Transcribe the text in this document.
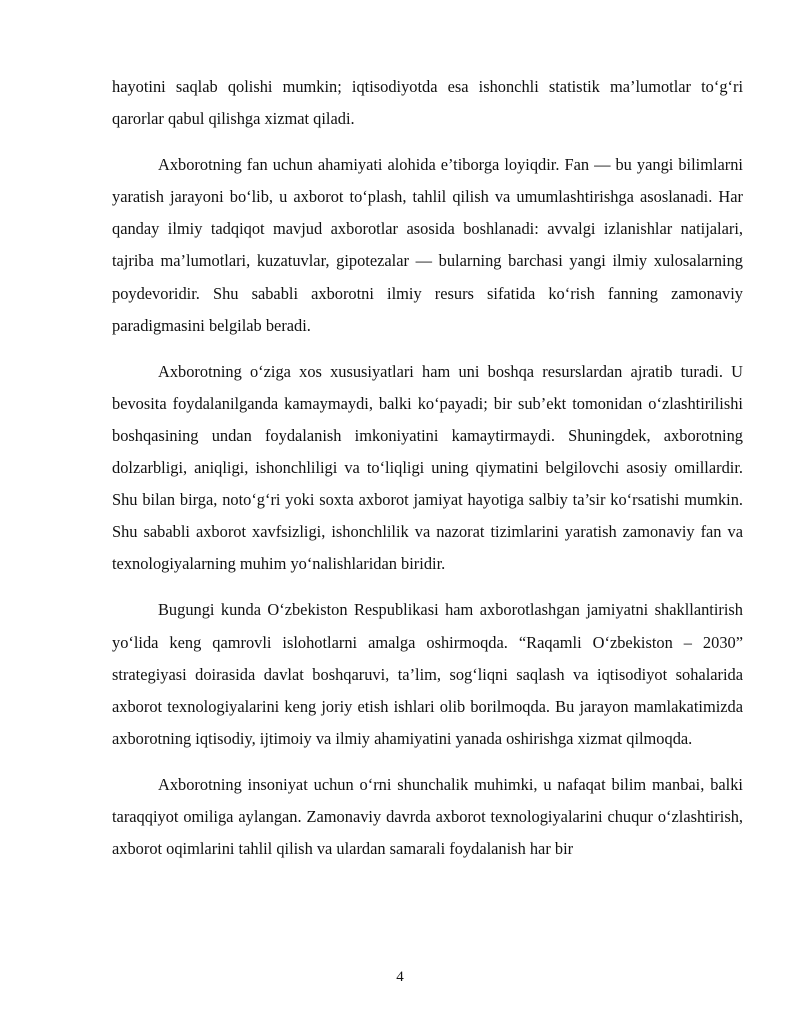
hayotini saqlab qolishi mumkin; iqtisodiyotda esa ishonchli statistik ma’lumotlar to‘g‘ri qarorlar qabul qilishga xizmat qiladi.

Axborotning fan uchun ahamiyati alohida e’tiborga loyiqdir. Fan — bu yangi bilimlarni yaratish jarayoni bo‘lib, u axborot to‘plash, tahlil qilish va umumlashtirishga asoslanadi. Har qanday ilmiy tadqiqot mavjud axborotlar asosida boshlanadi: avvalgi izlanishlar natijalari, tajriba ma’lumotlari, kuzatuvlar, gipotezalar — bularning barchasi yangi ilmiy xulosalarning poydevoridir. Shu sababli axborotni ilmiy resurs sifatida ko‘rish fanning zamonaviy paradigmasini belgilab beradi.

Axborotning o‘ziga xos xususiyatlari ham uni boshqa resurslardan ajratib turadi. U bevosita foydalanilganda kamaymaydi, balki ko‘payadi; bir sub’ekt tomonidan o‘zlashtirilishi boshqasining undan foydalanish imkoniyatini kamaytirmaydi. Shuningdek, axborotning dolzarbligi, aniqligi, ishonchliligi va to‘liqligi uning qiymatini belgilovchi asosiy omillardir. Shu bilan birga, noto‘g‘ri yoki soxta axborot jamiyat hayotiga salbiy ta’sir ko‘rsatishi mumkin. Shu sababli axborot xavfsizligi, ishonchlilik va nazorat tizimlarini yaratish zamonaviy fan va texnologiyalarning muhim yo‘nalishlaridan biridir.

Bugungi kunda O‘zbekiston Respublikasi ham axborotlashgan jamiyatni shakllantirish yo‘lida keng qamrovli islohotlarni amalga oshirmoqda. “Raqamli O‘zbekiston – 2030” strategiyasi doirasida davlat boshqaruvi, ta’lim, sog‘liqni saqlash va iqtisodiyot sohalarida axborot texnologiyalarini keng joriy etish ishlari olib borilmoqda. Bu jarayon mamlakatimizda axborotning iqtisodiy, ijtimoiy va ilmiy ahamiyatini yanada oshirishga xizmat qilmoqda.

Axborotning insoniyat uchun o‘rni shunchalik muhimki, u nafaqat bilim manbai, balki taraqqiyot omiliga aylangan. Zamonaviy davrda axborot texnologiyalarini chuqur o‘zlashtirish, axborot oqimlarini tahlil qilish va ulardan samarali foydalanish har bir

4
